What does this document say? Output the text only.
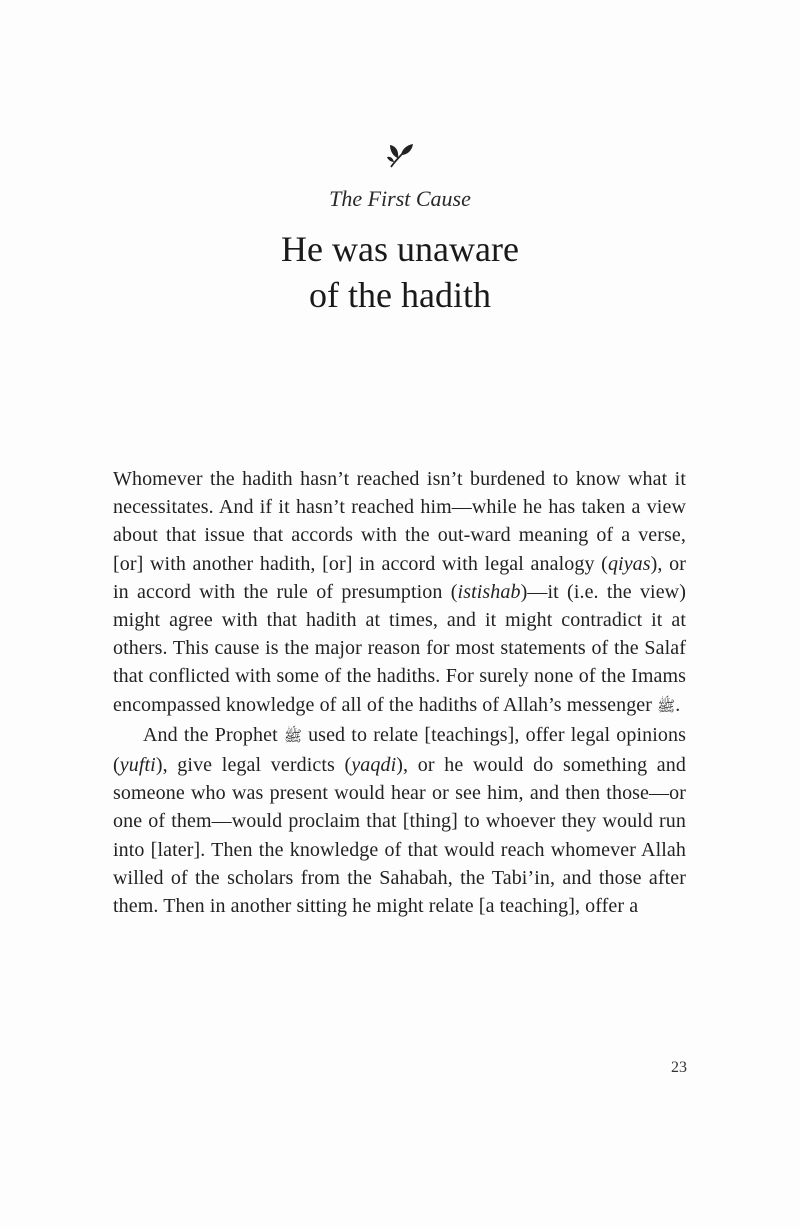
The First Cause
He was unaware
of the hadith

Whomever the hadith hasn’t reached isn’t burdened to know what it necessitates. And if it hasn’t reached him—while he has taken a view about that issue that accords with the out-ward meaning of a verse, [or] with another hadith, [or] in accord with legal analogy (qiyas), or in accord with the rule of presumption (istishab)—it (i.e. the view) might agree with that hadith at times, and it might contradict it at others. This cause is the major reason for most statements of the Salaf that conflicted with some of the hadiths. For surely none of the Imams encompassed knowledge of all of the hadiths of Allah’s messenger ﷺ.

And the Prophet ﷺ used to relate [teachings], offer legal opinions (yufti), give legal verdicts (yaqdi), or he would do something and someone who was present would hear or see him, and then those—or one of them—would proclaim that [thing] to whoever they would run into [later]. Then the knowledge of that would reach whomever Allah willed of the scholars from the Sahabah, the Tabi’in, and those after them. Then in another sitting he might relate [a teaching], offer a

23
